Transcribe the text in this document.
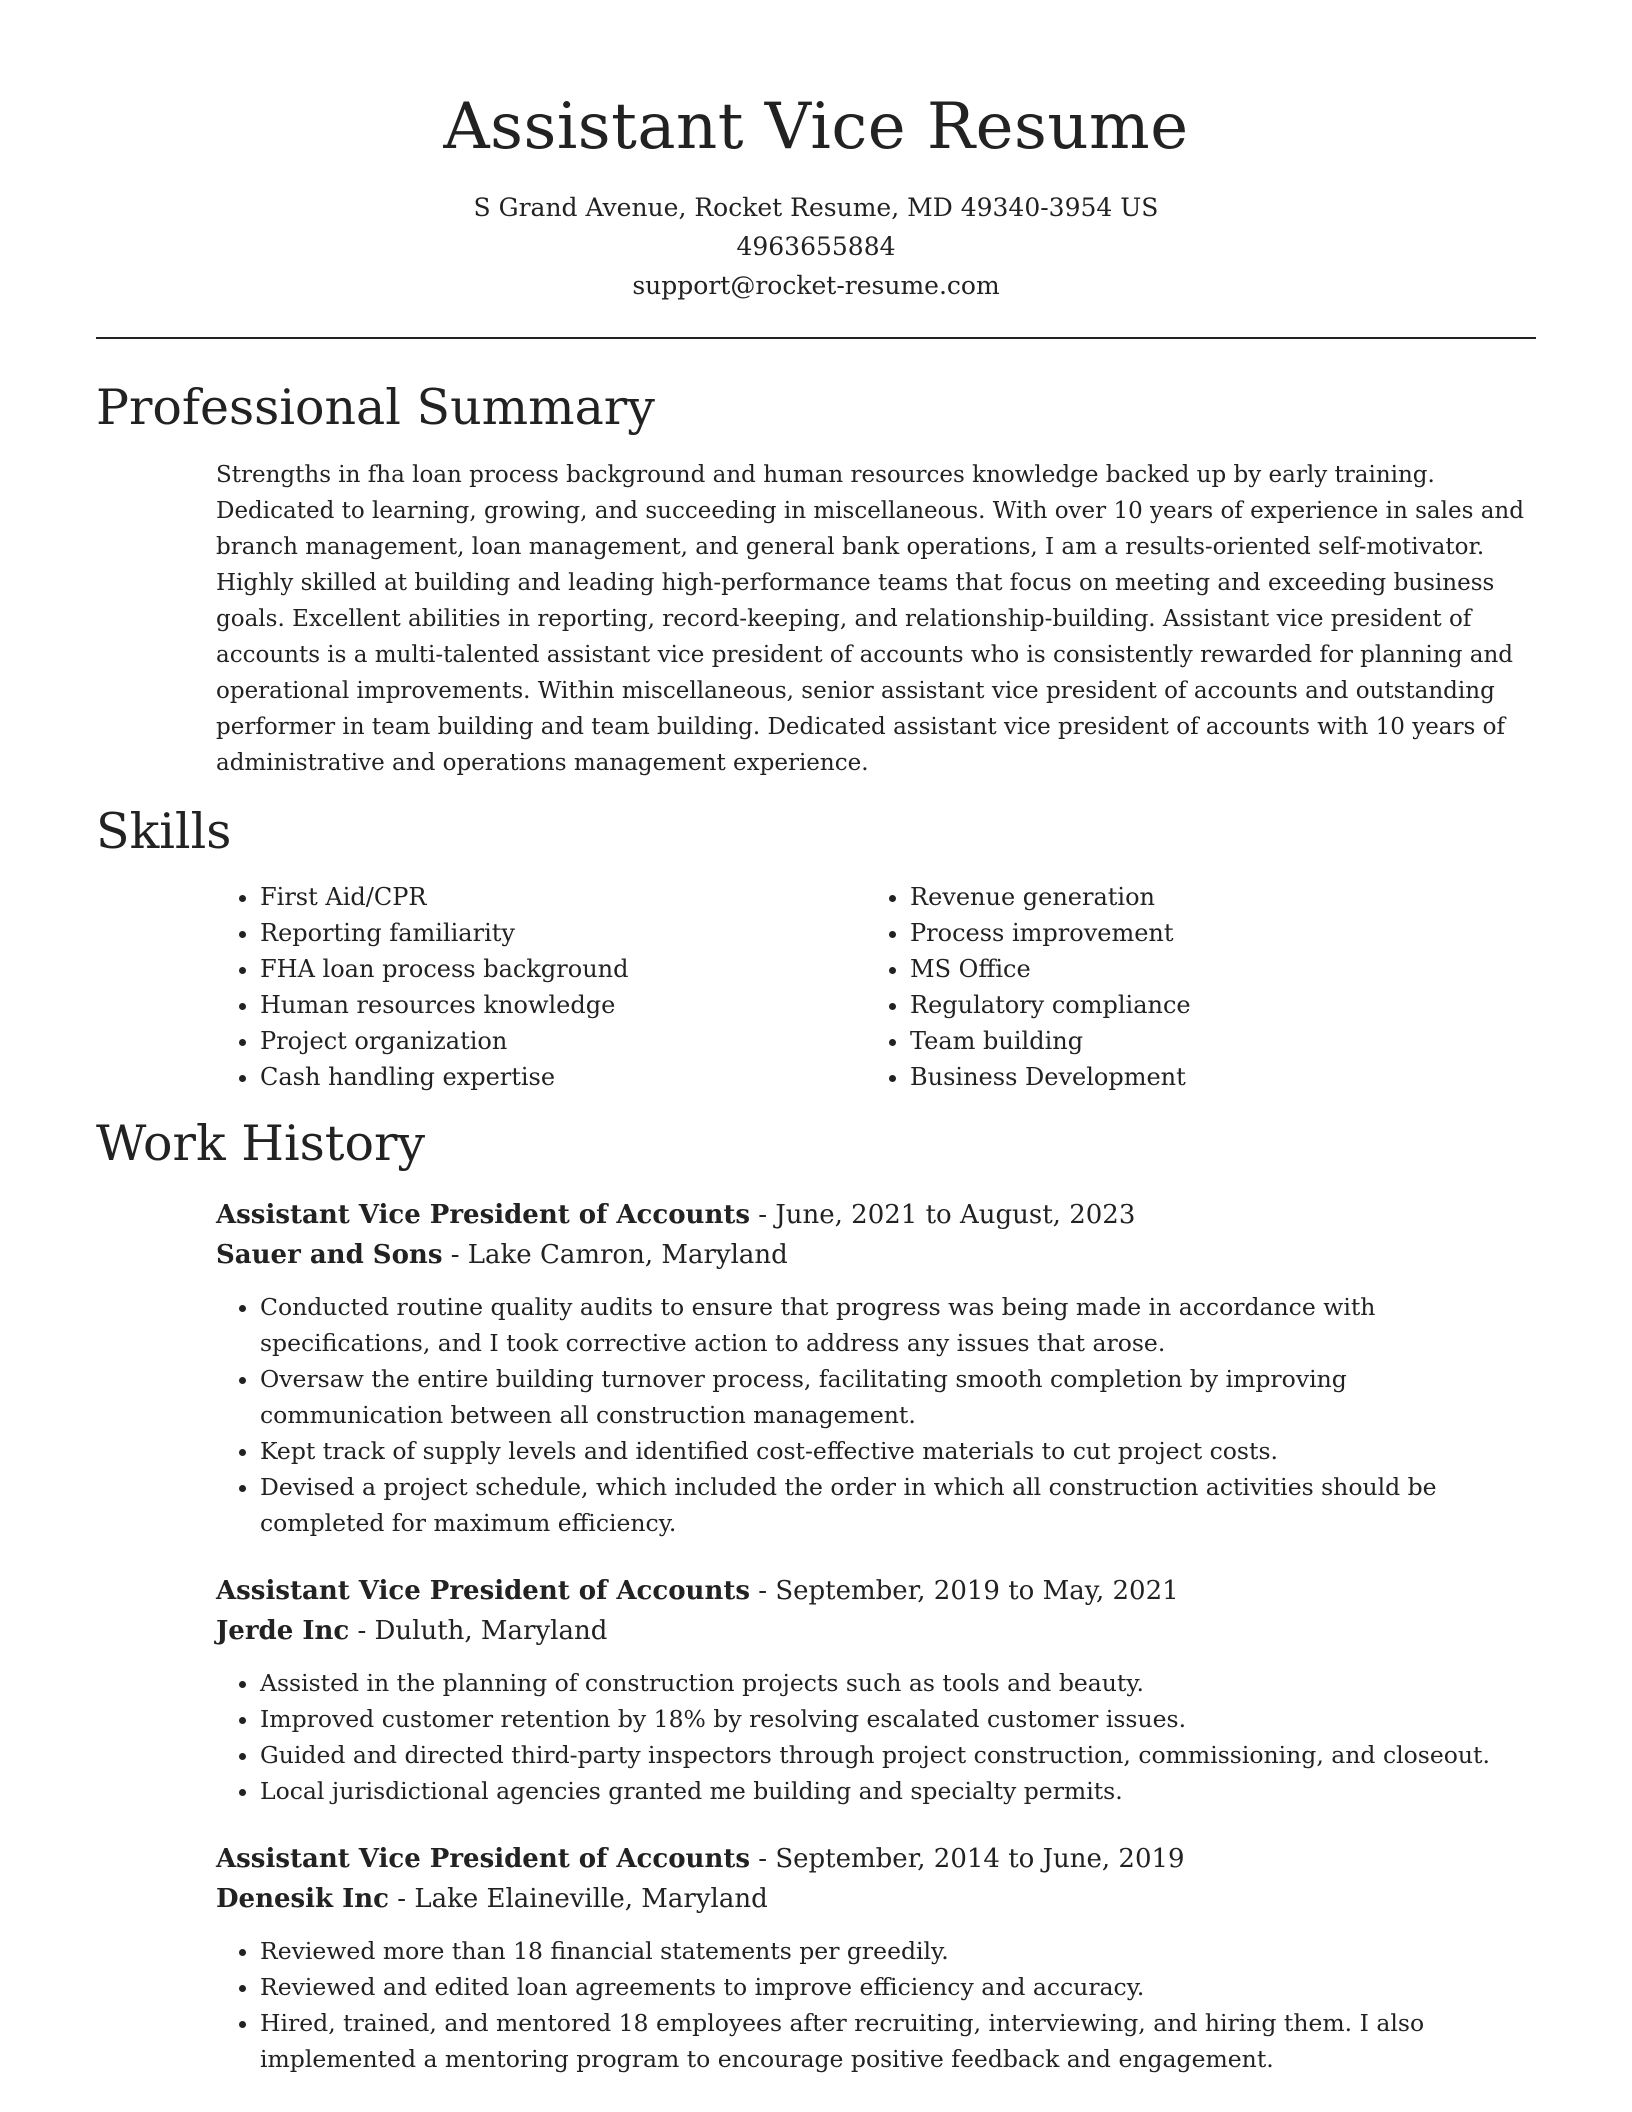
Assistant Vice Resume
S Grand Avenue, Rocket Resume, MD 49340-3954 US
4963655884
support@rocket-resume.com
Professional Summary
Strengths in fha loan process background and human resources knowledge backed up by early training. Dedicated to learning, growing, and succeeding in miscellaneous. With over 10 years of experience in sales and branch management, loan management, and general bank operations, I am a results-oriented self-motivator. Highly skilled at building and leading high-performance teams that focus on meeting and exceeding business goals. Excellent abilities in reporting, record-keeping, and relationship-building. Assistant vice president of accounts is a multi-talented assistant vice president of accounts who is consistently rewarded for planning and operational improvements. Within miscellaneous, senior assistant vice president of accounts and outstanding performer in team building and team building. Dedicated assistant vice president of accounts with 10 years of administrative and operations management experience.
Skills
• First Aid/CPR
• Reporting familiarity
• FHA loan process background
• Human resources knowledge
• Project organization
• Cash handling expertise
• Revenue generation
• Process improvement
• MS Office
• Regulatory compliance
• Team building
• Business Development
Work History
Assistant Vice President of Accounts - June, 2021 to August, 2023
Sauer and Sons - Lake Camron, Maryland
• Conducted routine quality audits to ensure that progress was being made in accordance with specifications, and I took corrective action to address any issues that arose.
• Oversaw the entire building turnover process, facilitating smooth completion by improving communication between all construction management.
• Kept track of supply levels and identified cost-effective materials to cut project costs.
• Devised a project schedule, which included the order in which all construction activities should be completed for maximum efficiency.
Assistant Vice President of Accounts - September, 2019 to May, 2021
Jerde Inc - Duluth, Maryland
• Assisted in the planning of construction projects such as tools and beauty.
• Improved customer retention by 18% by resolving escalated customer issues.
• Guided and directed third-party inspectors through project construction, commissioning, and closeout.
• Local jurisdictional agencies granted me building and specialty permits.
Assistant Vice President of Accounts - September, 2014 to June, 2019
Denesik Inc - Lake Elaineville, Maryland
• Reviewed more than 18 financial statements per greedily.
• Reviewed and edited loan agreements to improve efficiency and accuracy.
• Hired, trained, and mentored 18 employees after recruiting, interviewing, and hiring them. I also implemented a mentoring program to encourage positive feedback and engagement.
